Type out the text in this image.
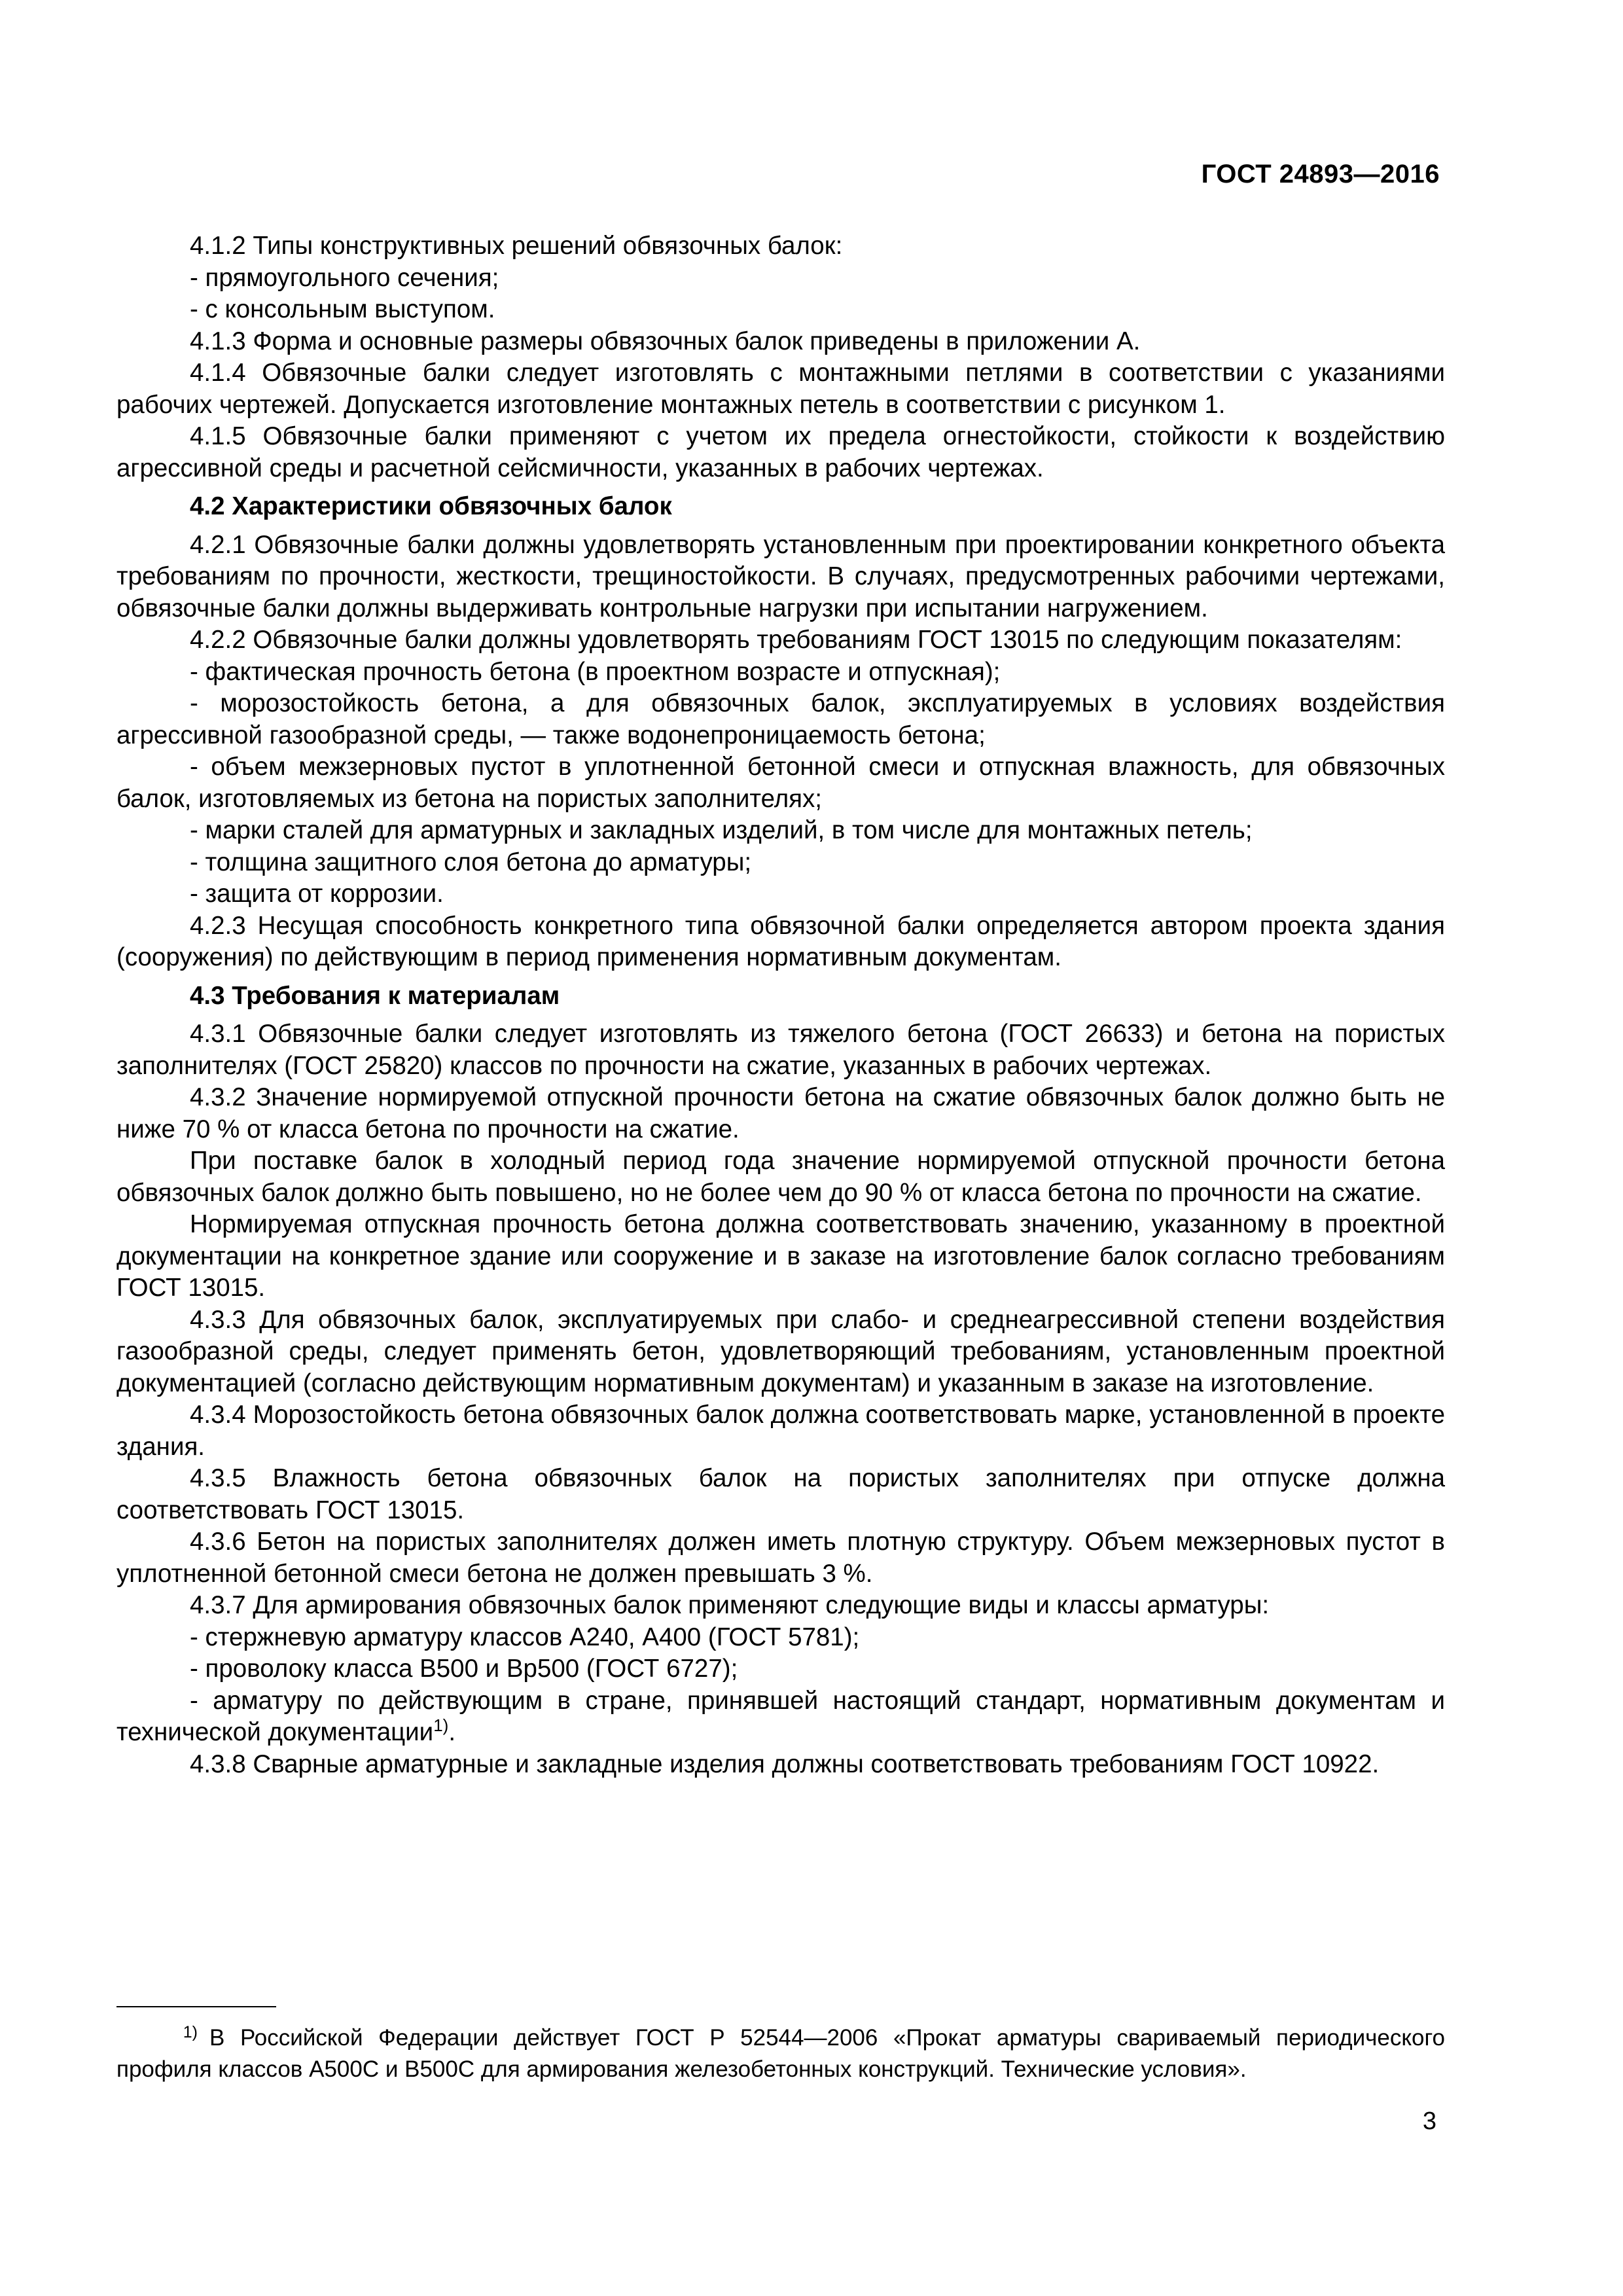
ГОСТ 24893—2016

4.1.2 Типы конструктивных решений обвязочных балок:

- прямоугольного сечения;

- с консольным выступом.

4.1.3 Форма и основные размеры обвязочных балок приведены в приложении А.

4.1.4 Обвязочные балки следует изготовлять с монтажными петлями в соответствии с указаниями рабочих чертежей. Допускается изготовление монтажных петель в соответствии с рисунком 1.

4.1.5 Обвязочные балки применяют с учетом их предела огнестойкости, стойкости к воздействию агрессивной среды и расчетной сейсмичности, указанных в рабочих чертежах.

4.2 Характеристики обвязочных балок

4.2.1 Обвязочные балки должны удовлетворять установленным при проектировании конкретного объекта требованиям по прочности, жесткости, трещиностойкости. В случаях, предусмотренных рабочими чертежами, обвязочные балки должны выдерживать контрольные нагрузки при испытании нагружением.

4.2.2 Обвязочные балки должны удовлетворять требованиям ГОСТ 13015 по следующим показателям:

- фактическая прочность бетона (в проектном возрасте и отпускная);

- морозостойкость бетона, а для обвязочных балок, эксплуатируемых в условиях воздействия агрессивной газообразной среды, — также водонепроницаемость бетона;

- объем межзерновых пустот в уплотненной бетонной смеси и отпускная влажность, для обвязочных балок, изготовляемых из бетона на пористых заполнителях;

- марки сталей для арматурных и закладных изделий, в том числе для монтажных петель;

- толщина защитного слоя бетона до арматуры;

- защита от коррозии.

4.2.3 Несущая способность конкретного типа обвязочной балки определяется автором проекта здания (сооружения) по действующим в период применения нормативным документам.

4.3 Требования к материалам

4.3.1 Обвязочные балки следует изготовлять из тяжелого бетона (ГОСТ 26633) и бетона на пористых заполнителях (ГОСТ 25820) классов по прочности на сжатие, указанных в рабочих чертежах.

4.3.2 Значение нормируемой отпускной прочности бетона на сжатие обвязочных балок должно быть не ниже 70 % от класса бетона по прочности на сжатие.

При поставке балок в холодный период года значение нормируемой отпускной прочности бетона обвязочных балок должно быть повышено, но не более чем до 90 % от класса бетона по прочности на сжатие.

Нормируемая отпускная прочность бетона должна соответствовать значению, указанному в проектной документации на конкретное здание или сооружение и в заказе на изготовление балок согласно требованиям ГОСТ 13015.

4.3.3 Для обвязочных балок, эксплуатируемых при слабо- и среднеагрессивной степени воздействия газообразной среды, следует применять бетон, удовлетворяющий требованиям, установленным проектной документацией (согласно действующим нормативным документам) и указанным в заказе на изготовление.

4.3.4 Морозостойкость бетона обвязочных балок должна соответствовать марке, установленной в проекте здания.

4.3.5 Влажность бетона обвязочных балок на пористых заполнителях при отпуске должна соответствовать ГОСТ 13015.

4.3.6 Бетон на пористых заполнителях должен иметь плотную структуру. Объем межзерновых пустот в уплотненной бетонной смеси бетона не должен превышать 3 %.

4.3.7 Для армирования обвязочных балок применяют следующие виды и классы арматуры:

- стержневую арматуру классов А240, А400 (ГОСТ 5781);

- проволоку класса В500 и Вр500 (ГОСТ 6727);

- арматуру по действующим в стране, принявшей настоящий стандарт, нормативным документам и технической документации$^{1)}$.

4.3.8 Сварные арматурные и закладные изделия должны соответствовать требованиям ГОСТ 10922.

1) В Российской Федерации действует ГОСТ Р 52544—2006 «Прокат арматуры свариваемый периодического профиля классов А500С и В500С для армирования железобетонных конструкций. Технические условия».
3
